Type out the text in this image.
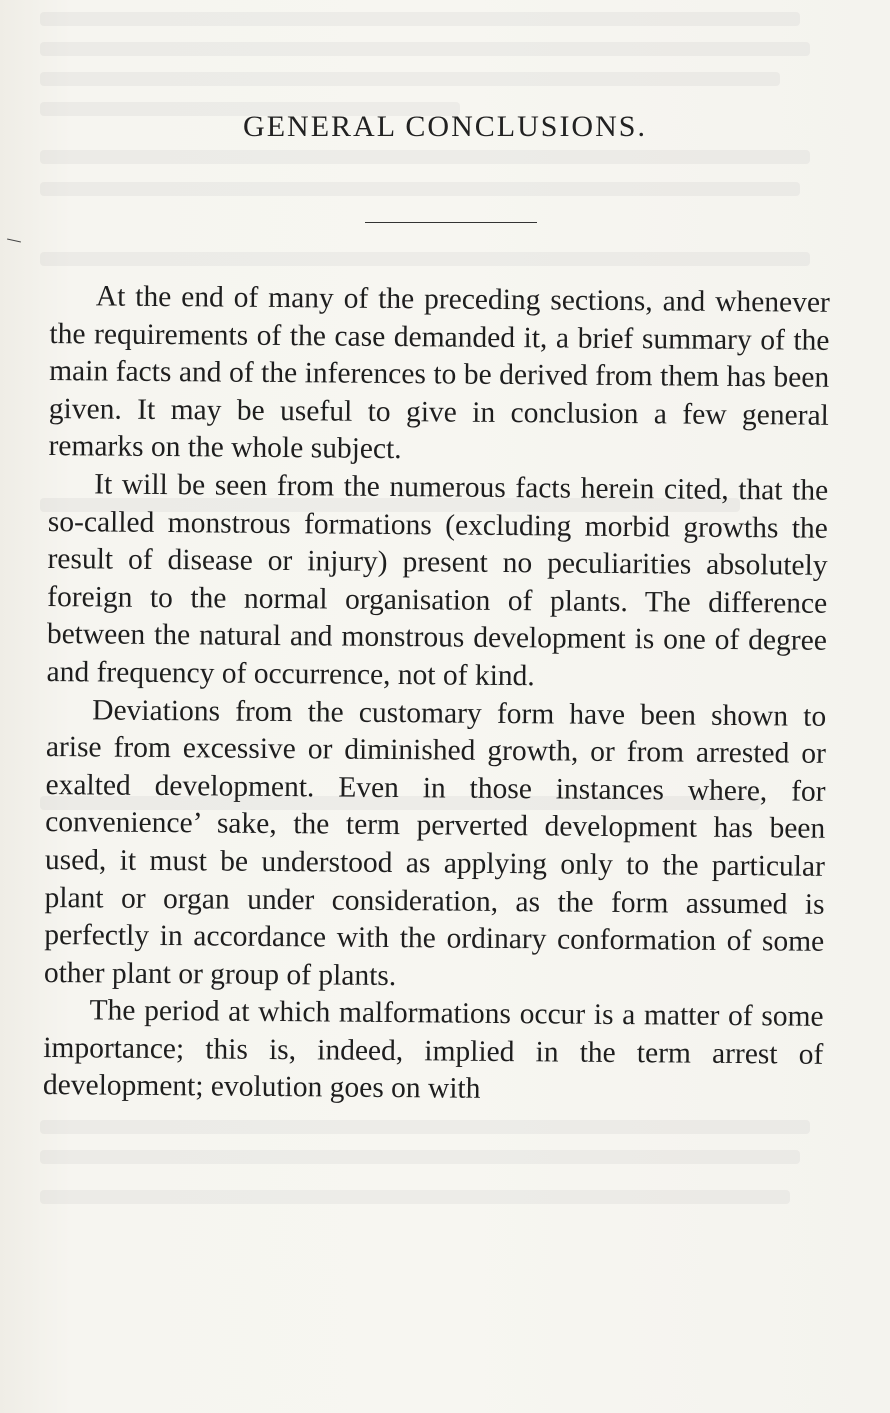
GENERAL CONCLUSIONS.

At the end of many of the preceding sections, and whenever the requirements of the case demanded it, a brief summary of the main facts and of the inferences to be derived from them has been given. It may be useful to give in conclusion a few general remarks on the whole subject.

It will be seen from the numerous facts herein cited, that the so-called monstrous formations (excluding morbid growths the result of disease or injury) present no peculiarities absolutely foreign to the normal organisation of plants. The difference between the natural and monstrous development is one of degree and frequency of occurrence, not of kind.

Deviations from the customary form have been shown to arise from excessive or diminished growth, or from arrested or exalted development. Even in those instances where, for convenience’ sake, the term perverted development has been used, it must be understood as applying only to the particular plant or organ under consideration, as the form assumed is perfectly in accordance with the ordinary conformation of some other plant or group of plants.

The period at which malformations occur is a matter of some importance; this is, indeed, implied in the term arrest of development; evolution goes on with
